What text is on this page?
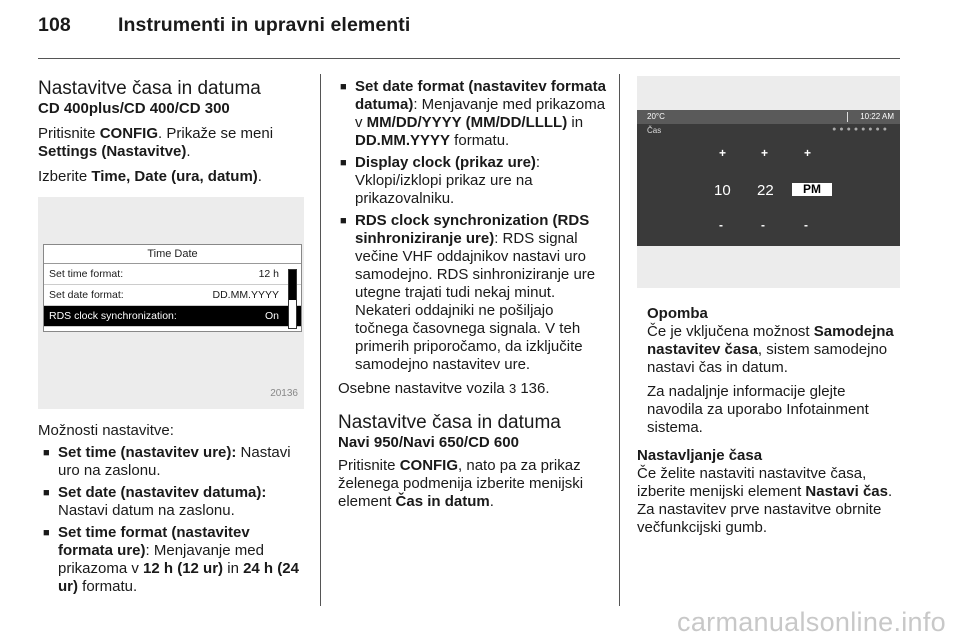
108 Instrumenti in upravni elementi
Nastavitve časa in datuma

CD 400plus/CD 400/CD 300

Pritisnite CONFIG. Prikaže se meni Settings (Nastavitve).

Izberite Time, Date (ura, datum).

Time Date
Set time format:	12 h
Set date format:	DD.MM.YYYY
RDS clock synchronization:	On
20136

Možnosti nastavitve:

■ Set time (nastavitev ure): Nastavi uro na zaslonu.

■ Set date (nastavitev datuma): Nastavi datum na zaslonu.

■ Set time format (nastavitev formata ure): Menjavanje med prikazoma v 12 h (12 ur) in 24 h (24 ur) formatu.

■ Set date format (nastavitev formata datuma): Menjavanje med prikazoma v MM/DD/YYYY (MM/DD/LLLL) in DD.MM.YYYY formatu.

■ Display clock (prikaz ure): Vklopi/izklopi prikaz ure na prikazovalniku.

■ RDS clock synchronization (RDS sinhroniziranje ure): RDS signal večine VHF oddajnikov nastavi uro samodejno. RDS sinhroniziranje ure utegne trajati tudi nekaj minut. Nekateri oddajniki ne pošiljajo točnega časovnega signala. V teh primerih priporočamo, da izključite samodejno nastavitev ure.

Osebne nastavitve vozila 3 136.

Nastavitve časa in datuma

Navi 950/Navi 650/CD 600

Pritisnite CONFIG, nato pa za prikaz želenega podmenija izberite menijski element Čas in datum.

20°C	10:22 AM
Čas	●●●●●●●●
+	+	+
10 22	PM
-	-	-

Opomba

Če je vključena možnost Samodejna nastavitev časa, sistem samodejno nastavi čas in datum.

Za nadaljnje informacije glejte navodila za uporabo Infotainment sistema.

Nastavljanje časa

Če želite nastaviti nastavitve časa, izberite menijski element Nastavi čas. Za nastavitev prve nastavitve obrnite večfunkcijski gumb.

carmanualsonline.info
